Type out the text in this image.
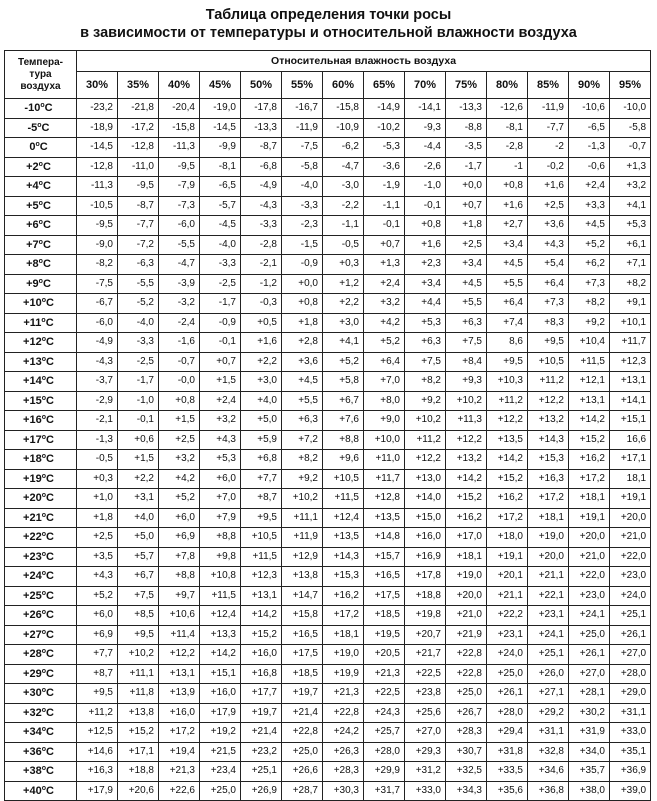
Таблица определения точки росы
в зависимости от температуры и относительной влажности воздуха
Темпера-
тура
воздуха	Относительная влажность воздуха													
	30%	35%	40%	45%	50%	55%	60%	65%	70%	75%	80%	85%	90%	95%
-10$^o$C	-23,2	-21,8	-20,4	-19,0	-17,8	-16,7	-15,8	-14,9	-14,1	-13,3	-12,6	-11,9	-10,6	-10,0
-5$^o$C	-18,9	-17,2	-15,8	-14,5	-13,3	-11,9	-10,9	-10,2	-9,3	-8,8	-8,1	-7,7	-6,5	-5,8
0$^o$C	-14,5	-12,8	-11,3	-9,9	-8,7	-7,5	-6,2	-5,3	-4,4	-3,5	-2,8	-2	-1,3	-0,7
$+2^oC$	-12,8	-11,0	-9,5	-8,1	-6,8	-5,8	-4,7	-3,6	-2,6	-1,7	-1	-0,2	-0,6	+1,3
$+4^oC$	-11,3	-9,5	-7,9	-6,5	-4,9	-4,0	-3,0	-1,9	-1,0	+0,0	+0,8	+1,6	+2,4	+3,2
$+5^oC$	-10,5	-8,7	-7,3	-5,7	-4,3	-3,3	-2,2	-1,1	-0,1	+0,7	+1,6	+2,5	+3,3	+4,1
$+6^oC$	-9,5	-7,7	-6,0	-4,5	-3,3	-2,3	-1,1	-0,1	+0,8	+1,8	+2,7	+3,6	+4,5	+5,3
$+7^oC$	-9,0	-7,2	-5,5	-4,0	-2,8	-1,5	-0,5	+0,7	+1,6	+2,5	+3,4	+4,3	+5,2	+6,1
$+8^oC$	-8,2	-6,3	-4,7	-3,3	-2,1	-0,9	+0,3	+1,3	+2,3	+3,4	+4,5	+5,4	+6,2	+7,1
$+9^oC$	-7,5	-5,5	-3,9	-2,5	-1,2	+0,0	+1,2	+2,4	+3,4	+4,5	+5,5	+6,4	+7,3	+8,2
$+10^oC$	-6,7	-5,2	-3,2	-1,7	-0,3	+0,8	+2,2	+3,2	+4,4	+5,5	+6,4	+7,3	+8,2	+9,1
$+11^oC$	-6,0	-4,0	-2,4	-0,9	+0,5	+1,8	+3,0	+4,2	+5,3	+6,3	+7,4	+8,3	+9,2	+10,1
$+12^oC$	-4,9	-3,3	-1,6	-0,1	+1,6	+2,8	+4,1	+5,2	+6,3	+7,5	8,6	+9,5	+10,4	+11,7
$+13^oC$	-4,3	-2,5	-0,7	+0,7	+2,2	+3,6	+5,2	+6,4	+7,5	+8,4	+9,5	+10,5	+11,5	+12,3
$+14^oC$	-3,7	-1,7	-0,0	+1,5	+3,0	+4,5	+5,8	+7,0	+8,2	+9,3	+10,3	+11,2	+12,1	+13,1
$+15^oC$	-2,9	-1,0	+0,8	+2,4	+4,0	+5,5	+6,7	+8,0	+9,2	+10,2	+11,2	+12,2	+13,1	+14,1
$+16^oC$	-2,1	-0,1	+1,5	+3,2	+5,0	+6,3	+7,6	+9,0	+10,2	+11,3	+12,2	+13,2	+14,2	+15,1
$+17^oC$	-1,3	+0,6	+2,5	+4,3	+5,9	+7,2	+8,8	+10,0	+11,2	+12,2	+13,5	+14,3	+15,2	16,6
$+18^oC$	-0,5	+1,5	+3,2	+5,3	+6,8	+8,2	+9,6	+11,0	+12,2	+13,2	+14,2	+15,3	+16,2	+17,1
$+19^oC$	+0,3	+2,2	+4,2	+6,0	+7,7	+9,2	+10,5	+11,7	+13,0	+14,2	+15,2	+16,3	+17,2	18,1
$+20^oC$	+1,0	+3,1	+5,2	+7,0	+8,7	+10,2	+11,5	+12,8	+14,0	+15,2	+16,2	+17,2	+18,1	+19,1
$+21^oC$	+1,8	+4,0	+6,0	+7,9	+9,5	+11,1	+12,4	+13,5	+15,0	+16,2	+17,2	+18,1	+19,1	+20,0
$+22^oC$	+2,5	+5,0	+6,9	+8,8	+10,5	+11,9	+13,5	+14,8	+16,0	+17,0	+18,0	+19,0	+20,0	+21,0
$+23^oC$	+3,5	+5,7	+7,8	+9,8	+11,5	+12,9	+14,3	+15,7	+16,9	+18,1	+19,1	+20,0	+21,0	+22,0
$+24^oC$	+4,3	+6,7	+8,8	+10,8	+12,3	+13,8	+15,3	+16,5	+17,8	+19,0	+20,1	+21,1	+22,0	+23,0
$+25^oC$	+5,2	+7,5	+9,7	+11,5	+13,1	+14,7	+16,2	+17,5	+18,8	+20,0	+21,1	+22,1	+23,0	+24,0
$+26^oC$	+6,0	+8,5	+10,6	+12,4	+14,2	+15,8	+17,2	+18,5	+19,8	+21,0	+22,2	+23,1	+24,1	+25,1
$+27^oC$	+6,9	+9,5	+11,4	+13,3	+15,2	+16,5	+18,1	+19,5	+20,7	+21,9	+23,1	+24,1	+25,0	+26,1
$+28^oC$	+7,7	+10,2	+12,2	+14,2	+16,0	+17,5	+19,0	+20,5	+21,7	+22,8	+24,0	+25,1	+26,1	+27,0
$+29^oC$	+8,7	+11,1	+13,1	+15,1	+16,8	+18,5	+19,9	+21,3	+22,5	+22,8	+25,0	+26,0	+27,0	+28,0
$+30^oC$	+9,5	+11,8	+13,9	+16,0	+17,7	+19,7	+21,3	+22,5	+23,8	+25,0	+26,1	+27,1	+28,1	+29,0
$+32^oC$	+11,2	+13,8	+16,0	+17,9	+19,7	+21,4	+22,8	+24,3	+25,6	+26,7	+28,0	+29,2	+30,2	+31,1
$+34^oC$	+12,5	+15,2	+17,2	+19,2	+21,4	+22,8	+24,2	+25,7	+27,0	+28,3	+29,4	+31,1	+31,9	+33,0
$+36^oC$	+14,6	+17,1	+19,4	+21,5	+23,2	+25,0	+26,3	+28,0	+29,3	+30,7	+31,8	+32,8	+34,0	+35,1
$+38^oC$	+16,3	+18,8	+21,3	+23,4	+25,1	+26,6	+28,3	+29,9	+31,2	+32,5	+33,5	+34,6	+35,7	+36,9
$+40^oC$	+17,9	+20,6	+22,6	+25,0	+26,9	+28,7	+30,3	+31,7	+33,0	+34,3	+35,6	+36,8	+38,0	+39,0
